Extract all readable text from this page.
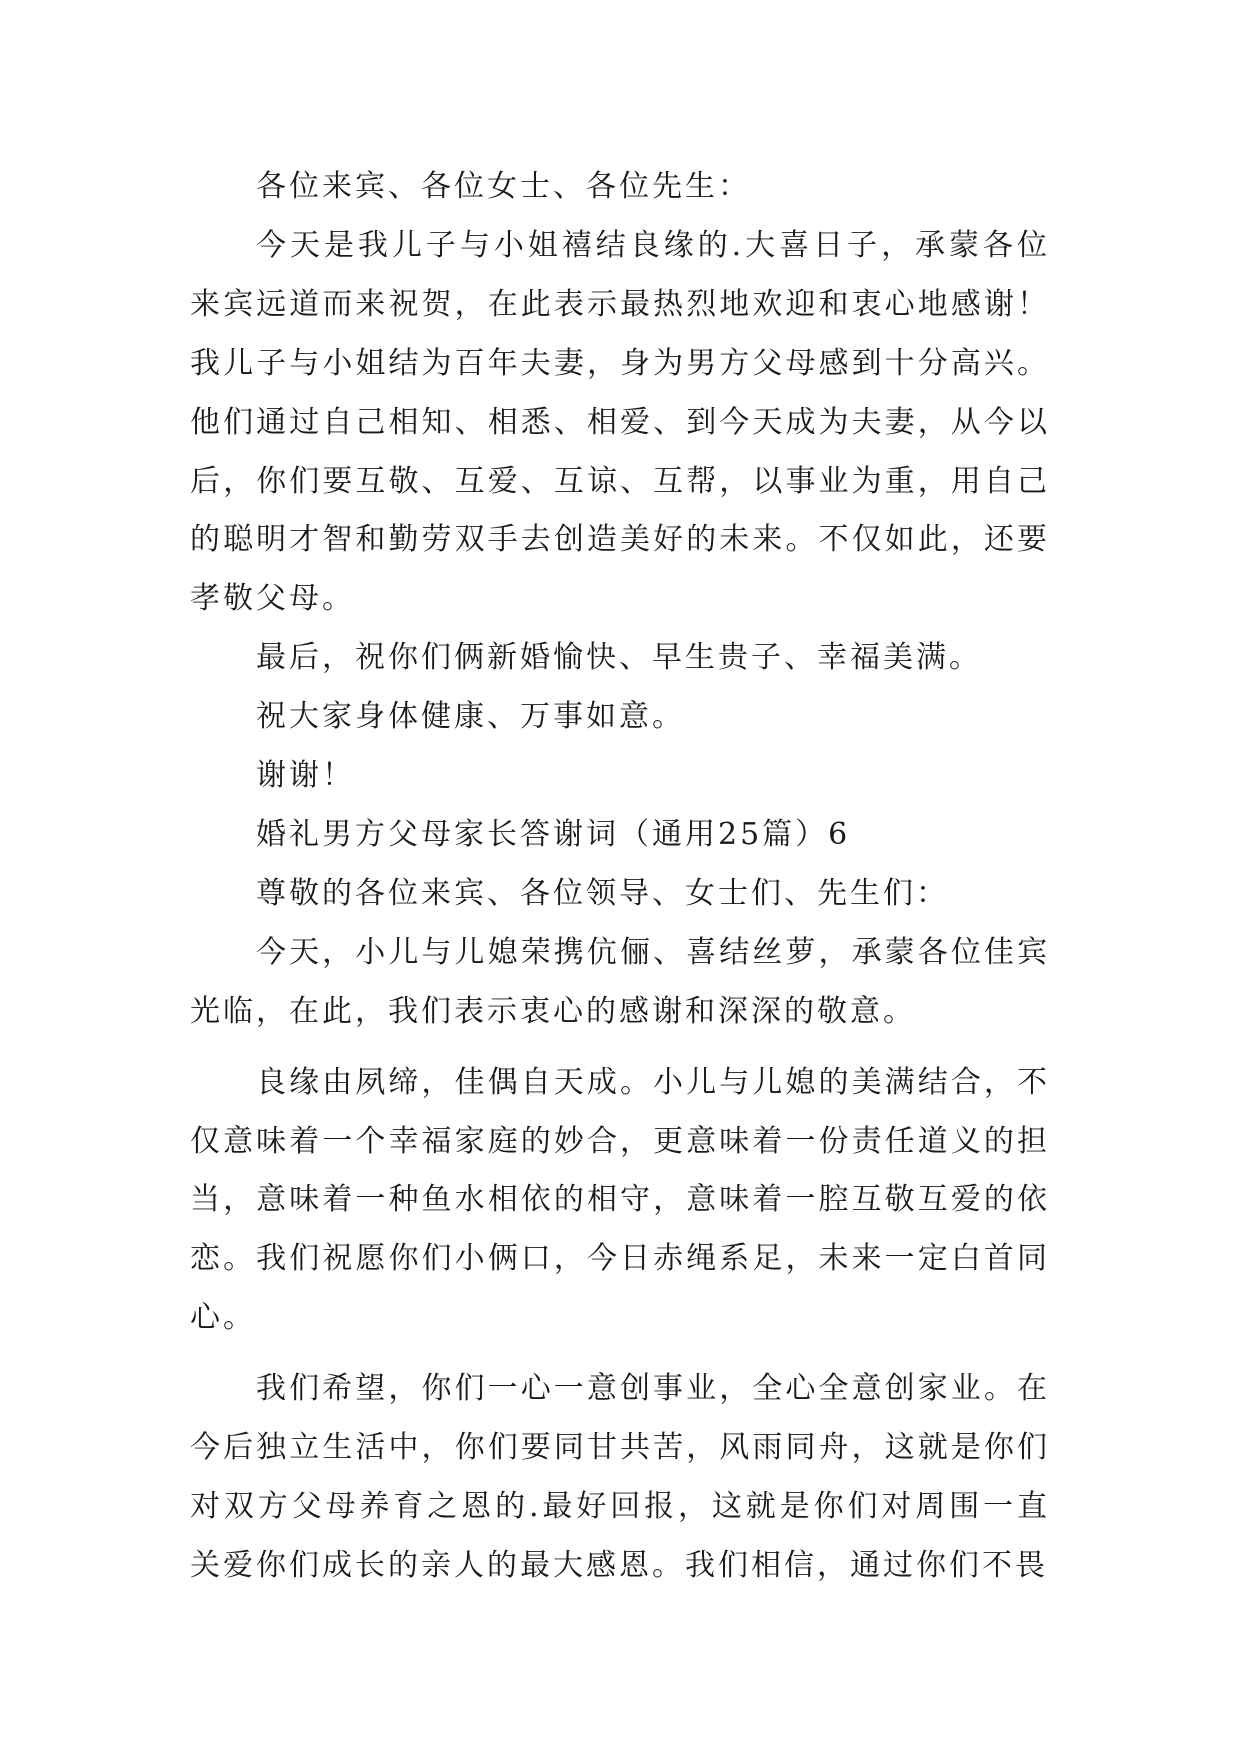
各位来宾、各位女士、各位先生：

今天是我儿子与小姐禧结良缘的.大喜日子，承蒙各位来宾远道而来祝贺，在此表示最热烈地欢迎和衷心地感谢！我儿子与小姐结为百年夫妻，身为男方父母感到十分高兴。他们通过自己相知、相悉、相爱、到今天成为夫妻，从今以后，你们要互敬、互爱、互谅、互帮，以事业为重，用自己的聪明才智和勤劳双手去创造美好的未来。不仅如此，还要孝敬父母。

最后，祝你们俩新婚愉快、早生贵子、幸福美满。

祝大家身体健康、万事如意。

谢谢！

婚礼男方父母家长答谢词（通用25篇）6

尊敬的各位来宾、各位领导、女士们、先生们：

今天，小儿与儿媳荣携伉俪、喜结丝萝，承蒙各位佳宾光临，在此，我们表示衷心的感谢和深深的敬意。

良缘由夙缔，佳偶自天成。小儿与儿媳的美满结合，不仅意味着一个幸福家庭的妙合，更意味着一份责任道义的担当，意味着一种鱼水相依的相守，意味着一腔互敬互爱的依恋。我们祝愿你们小俩口，今日赤绳系足，未来一定白首同心。

我们希望，你们一心一意创事业，全心全意创家业。在今后独立生活中，你们要同甘共苦，风雨同舟，这就是你们对双方父母养育之恩的.最好回报，这就是你们对周围一直关爱你们成长的亲人的最大感恩。我们相信，通过你们不畏
